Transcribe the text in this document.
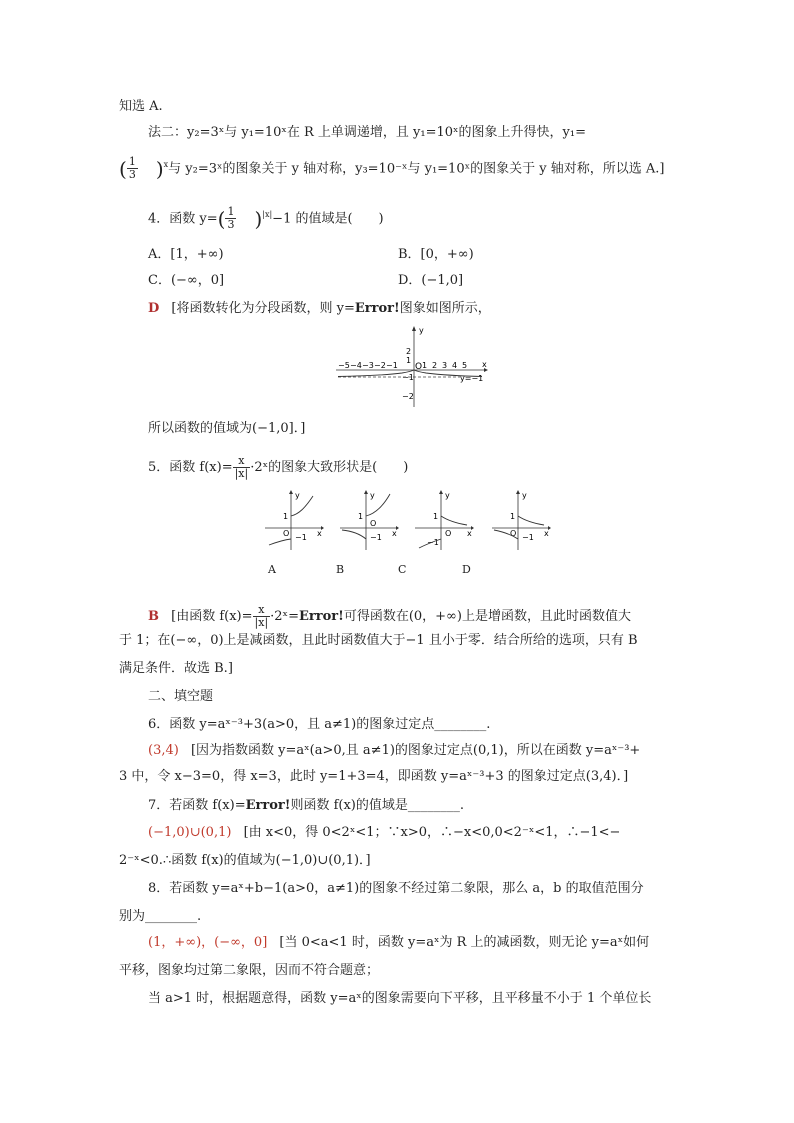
知选 A.
法二：y₂=3ˣ与 y₁=10ˣ在 R 上单调递增，且 y₁=10ˣ的图象上升得快，y₁=
( $\frac{1}{3} )^x$与 y₂=3ˣ的图象关于 y 轴对称，y₃=10⁻ˣ与 y₁=10ˣ的图象关于 y 轴对称，所以选 A.]
4．函数 $y=( \frac{1}{3} )^{|x|}-1$ 的值域是(　　)
A．[1，+∞)	B．[0，+∞)
C．(−∞，0]	D．(−1,0]
D [将函数转化为分段函数，则 y=Error!图象如图所示，
y
x
O
−5 −4 −3 −2 −1	1 2 3 4 5
2
1
−1
−2
y=−1
所以函数的值域为(−1,0]．]
5．函数 $f(x)= \frac{x}{|x|}$ ·2ˣ的图象大致形状是(　　)
y
x
1
O −1
y
x
1
O
−1
y
x
1
O
−1
y
x
1
O −1
A	B	C	D
B [由函数 $f(x)= \frac{x}{|x|}$ ·2ˣ=Error!可得函数在(0，+∞)上是增函数，且此时函数值大
于 1；在(−∞，0)上是减函数，且此时函数值大于−1 且小于零．结合所给的选项，只有 B
满足条件．故选 B.]
二、填空题
6．函数 y=aˣ⁻³+3(a>0，且 a≠1)的图象过定点________.
(3,4) [因为指数函数 y=aˣ(a>0,且 a≠1)的图象过定点(0,1)，所以在函数 y=aˣ⁻³+
3 中，令 x−3=0，得 x=3，此时 y=1+3=4，即函数 y=aˣ⁻³+3 的图象过定点(3,4)．]
7．若函数 f(x)=Error!则函数 f(x)的值域是________.
(−1,0)∪(0,1) [由 x<0，得 0<2ˣ<1；∵x>0，∴−x<0,0<2⁻ˣ<1，∴−1<−
2⁻ˣ<0.∴函数 f(x)的值域为(−1,0)∪(0,1)．]
8．若函数 y=aˣ+b−1(a>0，a≠1)的图象不经过第二象限，那么 a，b 的取值范围分
别为________.
(1，+∞)，(−∞，0] [当 0<a<1 时，函数 y=aˣ为 R 上的减函数，则无论 y=aˣ如何
平移，图象均过第二象限，因而不符合题意；
当 a>1 时，根据题意得，函数 y=aˣ的图象需要向下平移，且平移量不小于 1 个单位长
